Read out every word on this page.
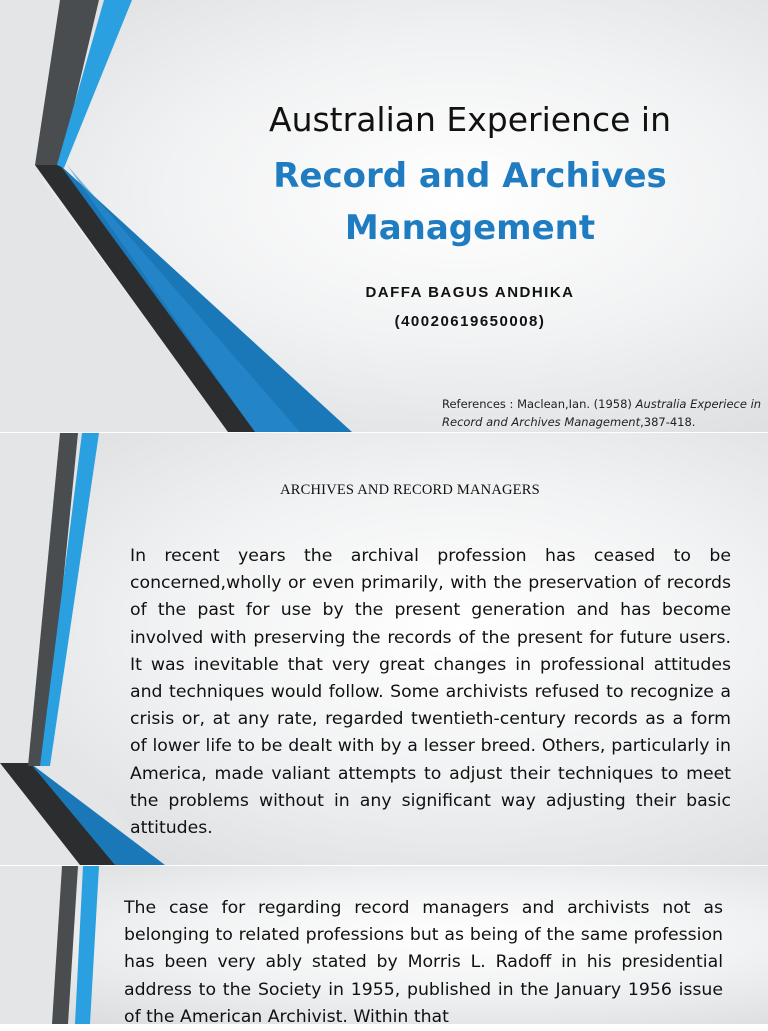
Australian Experience in
Record and Archives
Management
DAFFA BAGUS ANDHIKA
(40020619650008)
References : Maclean,Ian. (1958) Australia Experiece in
Record and Archives Management,387-418.
ARCHIVES AND RECORD MANAGERS
In recent years the archival profession has ceased to be concerned,wholly or even primarily, with the preservation of records of the past for use by the present generation and has become involved with preserving the records of the present for future users. It was inevitable that very great changes in professional attitudes and techniques would follow. Some archivists refused to recognize a crisis or, at any rate, regarded twentieth-century records as a form of lower life to be dealt with by a lesser breed. Others, particularly in America, made valiant attempts to adjust their techniques to meet the problems without in any significant way adjusting their basic attitudes.
The case for regarding record managers and archivists not as belonging to related professions but as being of the same profession has been very ably stated by Morris L. Radoff in his presidential address to the Society in 1955, published in the January 1956 issue of the American Archivist. Within that
